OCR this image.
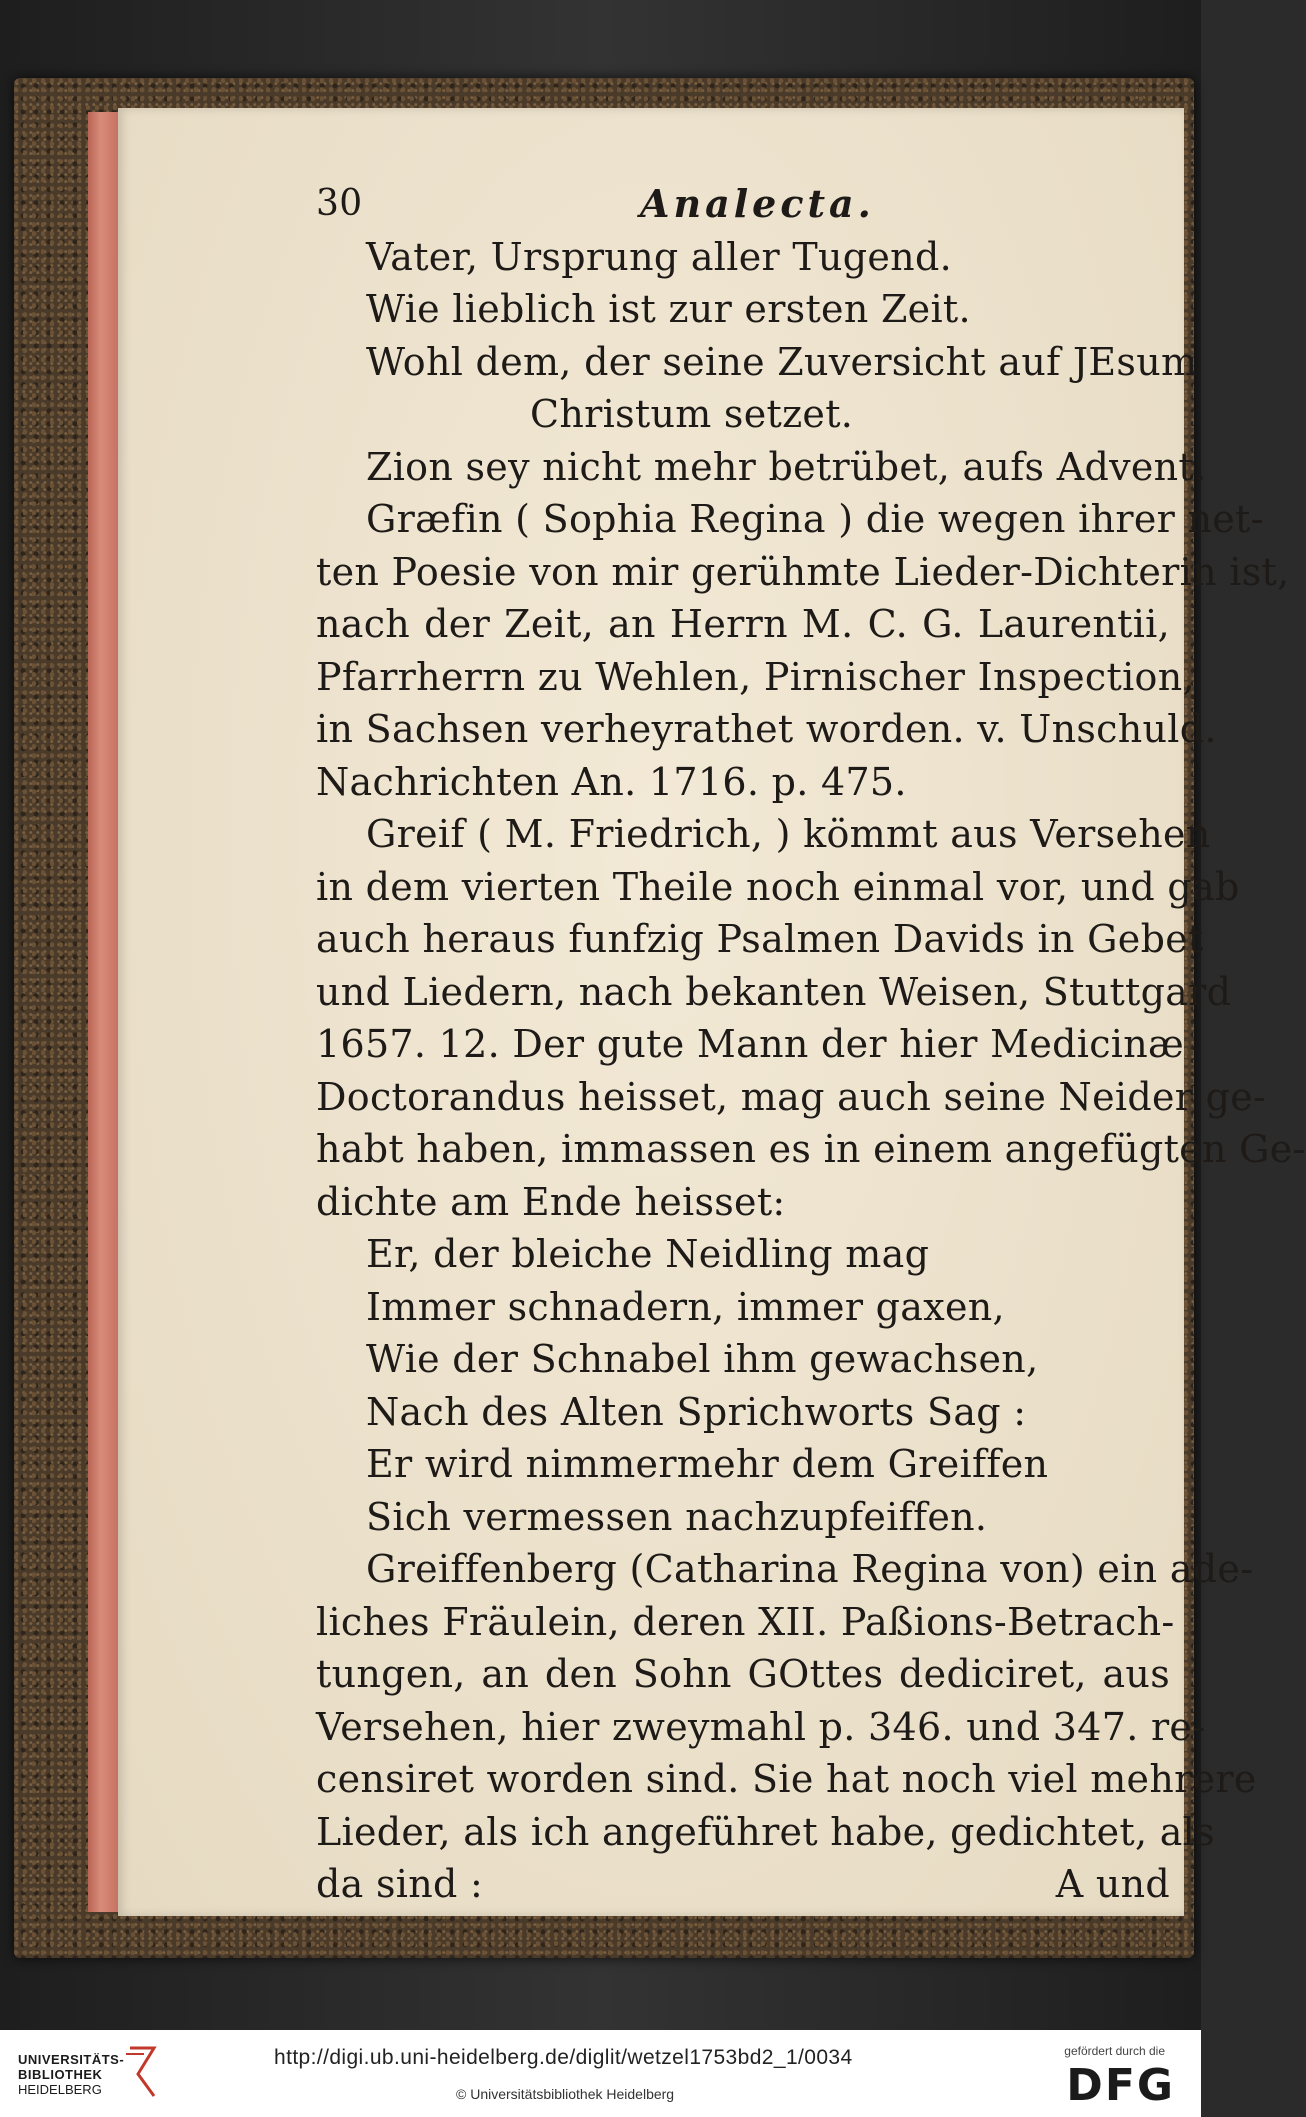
30	Analecta.
Vater, Ursprung aller Tugend.
Wie lieblich ist zur ersten Zeit.
Wohl dem, der seine Zuversicht auf JEsum
Christum setzet.
Zion sey nicht mehr betrübet, aufs Advent.
Græfin ( Sophia Regina ) die wegen ihrer net-
ten Poesie von mir gerühmte Lieder-Dichterin ist,
nach der Zeit, an Herrn M. C. G. Laurentii,
Pfarrherrn zu Wehlen, Pirnischer Inspection,
in Sachsen verheyrathet worden. v. Unschuld.
Nachrichten An. 1716. p. 475.
Greif ( M. Friedrich, ) kömmt aus Versehen
in dem vierten Theile noch einmal vor, und gab
auch heraus funfzig Psalmen Davids in Gebet
und Liedern, nach bekanten Weisen, Stuttgard
1657. 12. Der gute Mann der hier Medicinæ
Doctorandus heisset, mag auch seine Neider ge-
habt haben, immassen es in einem angefügten Ge-
dichte am Ende heisset:
Er, der bleiche Neidling mag
Immer schnadern, immer gaxen,
Wie der Schnabel ihm gewachsen,
Nach des Alten Sprichworts Sag :
Er wird nimmermehr dem Greiffen
Sich vermessen nachzupfeiffen.
Greiffenberg (Catharina Regina von) ein ade-
liches Fräulein, deren XII. Paßions-Betrach-
tungen, an den Sohn GOttes dediciret, aus
Versehen, hier zweymahl p. 346. und 347. re-
censiret worden sind. Sie hat noch viel mehrere
Lieder, als ich angeführet habe, gedichtet, als
da sind :	A und
UNIVERSITÄTS-
BIBLIOTHEK
HEIDELBERG
http://digi.ub.uni-heidelberg.de/diglit/wetzel1753bd2_1/0034
© Universitätsbibliothek Heidelberg
gefördert durch die
DFG
